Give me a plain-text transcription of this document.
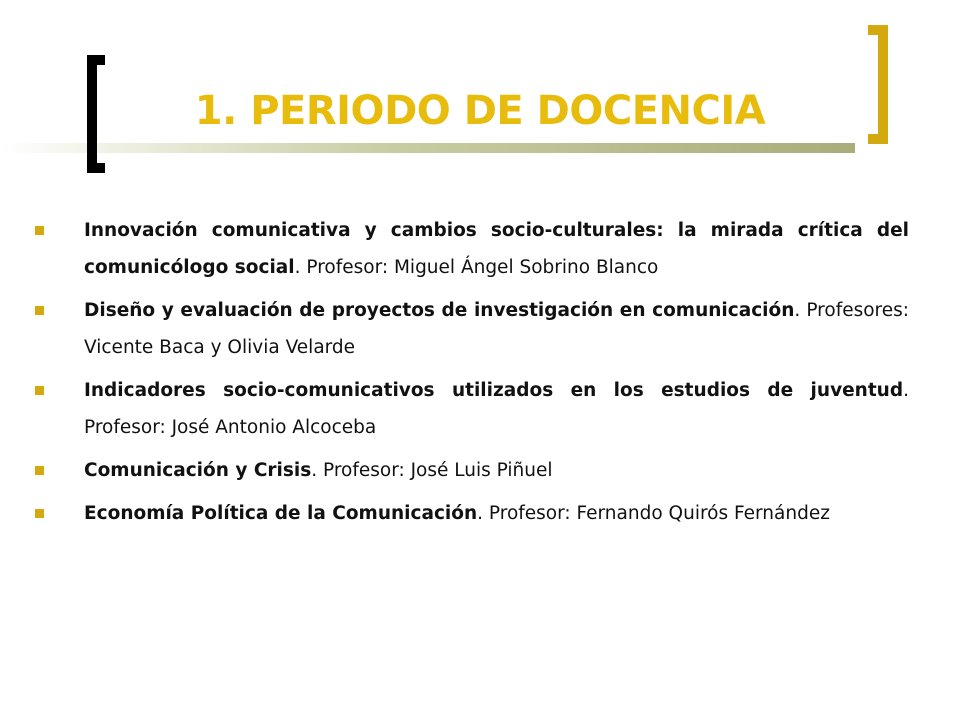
1. PERIODO DE DOCENCIA
Innovación comunicativa y cambios socio-culturales: la mirada crítica del comunicólogo social. Profesor: Miguel Ángel Sobrino Blanco
Diseño y evaluación de proyectos de investigación en comunicación. Profesores: Vicente Baca y Olivia Velarde
Indicadores socio-comunicativos utilizados en los estudios de juventud. Profesor: José Antonio Alcoceba
Comunicación y Crisis. Profesor: José Luis Piñuel
Economía Política de la Comunicación. Profesor: Fernando Quirós Fernández
